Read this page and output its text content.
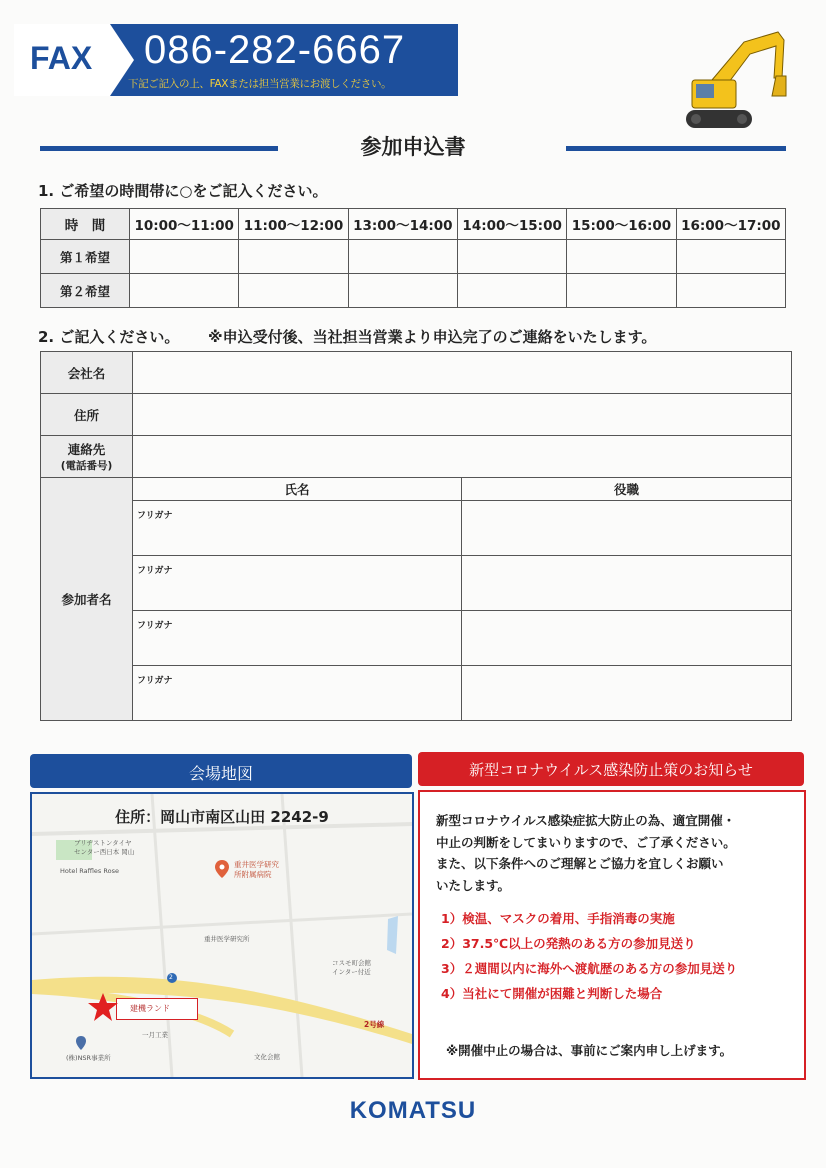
FAX 086-282-6667
下記ご記入の上、FAXまたは担当営業にお渡しください。
参加申込書
1. ご希望の時間帯に○をご記入ください。
時　間	10:00〜11:00	11:00〜12:00	13:00〜14:00	14:00〜15:00	15:00〜16:00	16:00〜17:00
第１希望						
第２希望						
2. ご記入ください。 ※申込受付後、当社担当営業より申込完了のご連絡をいたします。
会社名		
住所		

連絡先
(電話番号)		

参加者名	氏名	役職

	フリガナ	

	フリガナ	

	フリガナ	

	フリガナ	

会場地図
住所：岡山市南区山田 2242-9
ブリヂストンタイヤ
センター西日本 岡山
Hotel Raffles Rose
重井医学研究
所附属病院
重井医学研究所
コスモ町会館
インター付近
一月工業
(株)NSR事業所	文化会館
2号線
2
建機ランド
新型コロナウイルス感染防止策のお知らせ
新型コロナウイルス感染症拡大防止の為、適宜開催・
中止の判断をしてまいりますので、ご了承ください。
また、以下条件へのご理解とご協力を宜しくお願い
いたします。
1）検温、マスクの着用、手指消毒の実施
2）37.5℃以上の発熱のある方の参加見送り
3）２週間以内に海外へ渡航歴のある方の参加見送り
4）当社にて開催が困難と判断した場合
※開催中止の場合は、事前にご案内申し上げます。
KOMATSU
